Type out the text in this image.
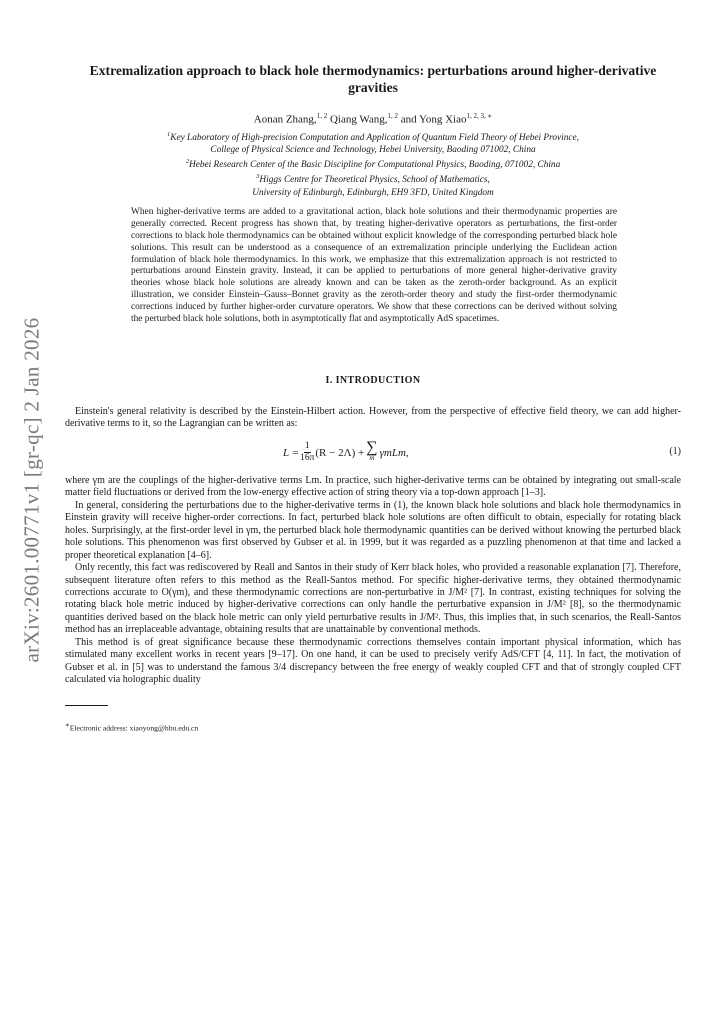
arXiv:2601.00771v1 [gr-qc] 2 Jan 2026
Extremalization approach to black hole thermodynamics: perturbations around higher-derivative gravities
Aonan Zhang,$^{1, 2}$ Qiang Wang,$^{1, 2}$ and Yong Xiao$^{1, 2, 3, ∗}$
$^1$Key Laboratory of High-precision Computation and Application of Quantum Field Theory of Hebei Province,
College of Physical Science and Technology, Hebei University, Baoding 071002, China
$^2$Hebei Research Center of the Basic Discipline for Computational Physics, Baoding, 071002, China
$^3$Higgs Centre for Theoretical Physics, School of Mathematics,
University of Edinburgh, Edinburgh, EH9 3FD, United Kingdom
When higher-derivative terms are added to a gravitational action, black hole solutions and their thermodynamic properties are generally corrected. Recent progress has shown that, by treating higher-derivative operators as perturbations, the first-order corrections to black hole thermodynamics can be obtained without explicit knowledge of the corresponding perturbed black hole solutions. This result can be understood as a consequence of an extremalization principle underlying the Euclidean action formulation of black hole thermodynamics. In this work, we emphasize that this extremalization approach is not restricted to perturbations around Einstein gravity. Instead, it can be applied to perturbations of more general higher-derivative gravity theories whose black hole solutions are already known and can be taken as the zeroth-order background. As an explicit illustration, we consider Einstein–Gauss–Bonnet gravity as the zeroth-order theory and study the first-order thermodynamic corrections induced by further higher-order curvature operators. We show that these corrections can be derived without solving the perturbed black hole solutions, both in asymptotically flat and asymptotically AdS spacetimes.
I. INTRODUCTION

Einstein's general relativity is described by the Einstein-Hilbert action. However, from the perspective of effective field theory, we can add higher-derivative terms to it, so the Lagrangian can be written as:

$L = \frac{1}{16\pi} (R - 2\Lambda)$ + ∑
m γmLm,	(1)

where γm are the couplings of the higher-derivative terms Lm. In practice, such higher-derivative terms can be obtained by integrating out small-scale matter field fluctuations or derived from the low-energy effective action of string theory via a top-down approach [1–3].

In general, considering the perturbations due to the higher-derivative terms in (1), the known black hole solutions and black hole thermodynamics in Einstein gravity will receive higher-order corrections. In fact, perturbed black hole solutions are often difficult to obtain, especially for rotating black holes. Surprisingly, at the first-order level in γm, the perturbed black hole thermodynamic quantities can be derived without knowing the perturbed black hole solutions. This phenomenon was first observed by Gubser et al. in 1999, but it was regarded as a puzzling phenomenon at that time and lacked a proper theoretical explanation [4–6].

Only recently, this fact was rediscovered by Reall and Santos in their study of Kerr black holes, who provided a reasonable explanation [7]. Therefore, subsequent literature often refers to this method as the Reall-Santos method. For specific higher-derivative terms, they obtained thermodynamic corrections accurate to O(γm), and these thermodynamic corrections are non-perturbative in J/M² [7]. In contrast, existing techniques for solving the rotating black hole metric induced by higher-derivative corrections can only handle the perturbative expansion in J/M² [8], so the thermodynamic quantities derived based on the black hole metric can only yield perturbative results in J/M². Thus, this implies that, in such scenarios, the Reall-Santos method has an irreplaceable advantage, obtaining results that are unattainable by conventional methods.

This method is of great significance because these thermodynamic corrections themselves contain important physical information, which has stimulated many excellent works in recent years [9–17]. On one hand, it can be used to precisely verify AdS/CFT [4, 11]. In fact, the motivation of Gubser et al. in [5] was to understand the famous 3/4 discrepancy between the free energy of weakly coupled CFT and that of strongly coupled CFT calculated via holographic duality

∗Electronic address: xiaoyong@hbu.edu.cn
